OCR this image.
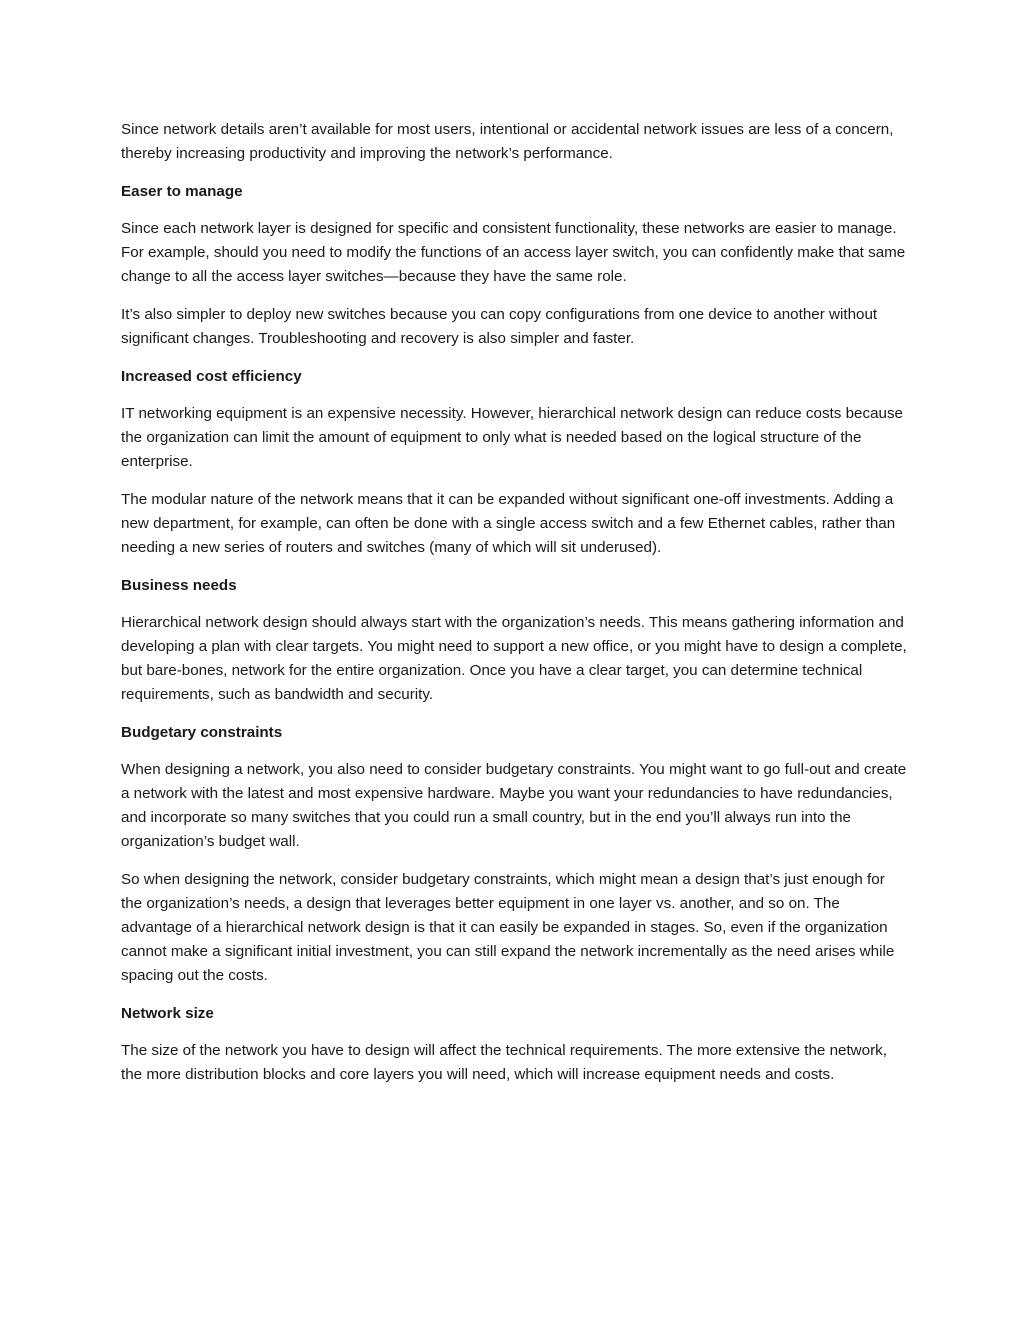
Since network details aren’t available for most users, intentional or accidental network issues are less of a concern, thereby increasing productivity and improving the network’s performance.

Easer to manage

Since each network layer is designed for specific and consistent functionality, these networks are easier to manage. For example, should you need to modify the functions of an access layer switch, you can confidently make that same change to all the access layer switches—because they have the same role.

It’s also simpler to deploy new switches because you can copy configurations from one device to another without significant changes. Troubleshooting and recovery is also simpler and faster.

Increased cost efficiency

IT networking equipment is an expensive necessity. However, hierarchical network design can reduce costs because the organization can limit the amount of equipment to only what is needed based on the logical structure of the enterprise.

The modular nature of the network means that it can be expanded without significant one-off investments. Adding a new department, for example, can often be done with a single access switch and a few Ethernet cables, rather than needing a new series of routers and switches (many of which will sit underused).

Business needs

Hierarchical network design should always start with the organization’s needs. This means gathering information and developing a plan with clear targets. You might need to support a new office, or you might have to design a complete, but bare-bones, network for the entire organization. Once you have a clear target, you can determine technical requirements, such as bandwidth and security.

Budgetary constraints

When designing a network, you also need to consider budgetary constraints. You might want to go full-out and create a network with the latest and most expensive hardware. Maybe you want your redundancies to have redundancies, and incorporate so many switches that you could run a small country, but in the end you’ll always run into the organization’s budget wall.

So when designing the network, consider budgetary constraints, which might mean a design that’s just enough for the organization’s needs, a design that leverages better equipment in one layer vs. another, and so on. The advantage of a hierarchical network design is that it can easily be expanded in stages. So, even if the organization cannot make a significant initial investment, you can still expand the network incrementally as the need arises while spacing out the costs.

Network size

The size of the network you have to design will affect the technical requirements. The more extensive the network, the more distribution blocks and core layers you will need, which will increase equipment needs and costs.
